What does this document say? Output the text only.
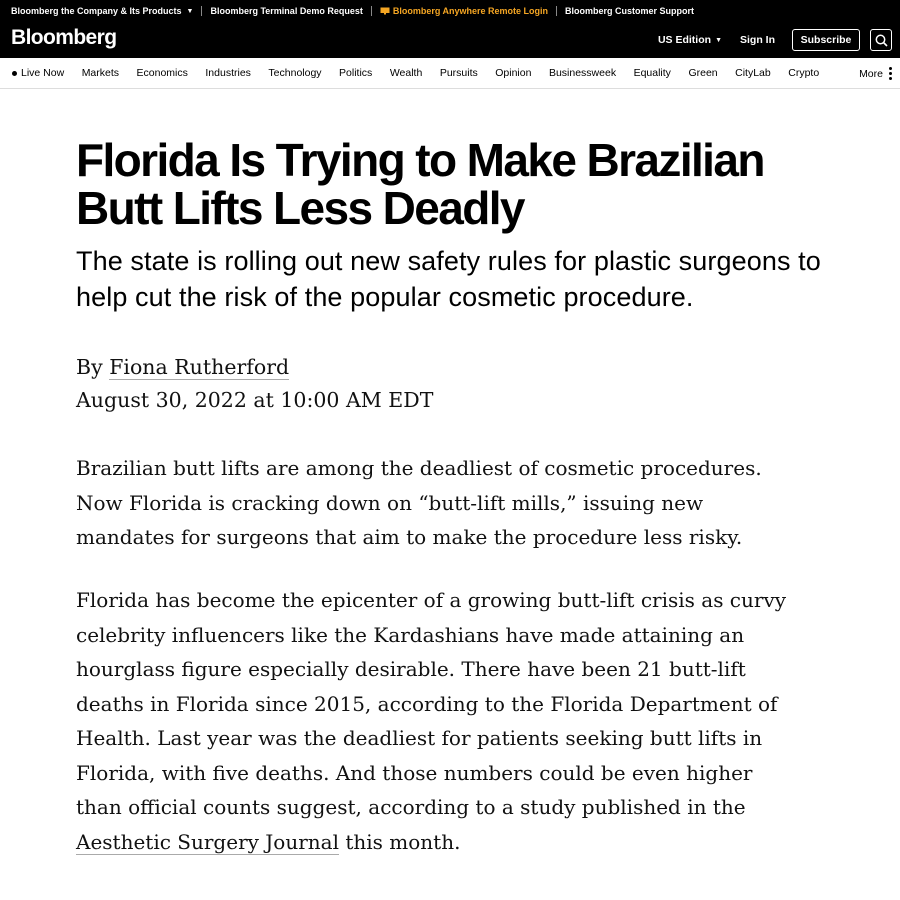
Bloomberg the Company & Its Products ▼ Bloomberg Terminal Demo Request	Bloomberg Anywhere Remote Login Bloomberg Customer Support
Bloomberg	US Edition ▼ Sign In	Subscribe
Live Now Markets Economics Industries Technology Politics Wealth Pursuits Opinion Businessweek Equality Green CityLab Crypto	More
Florida Is Trying to Make Brazilian Butt Lifts Less Deadly

The state is rolling out new safety rules for plastic surgeons to help cut the risk of the popular cosmetic procedure.

By Fiona Rutherford
August 30, 2022 at 10:00 AM EDT

Brazilian butt lifts are among the deadliest of cosmetic procedures. Now Florida is cracking down on “butt-lift mills,” issuing new mandates for surgeons that aim to make the procedure less risky.

Florida has become the epicenter of a growing butt-lift crisis as curvy celebrity influencers like the Kardashians have made attaining an hourglass figure especially desirable. There have been 21 butt-lift deaths in Florida since 2015, according to the Florida Department of Health. Last year was the deadliest for patients seeking butt lifts in Florida, with five deaths. And those numbers could be even higher than official counts suggest, according to a study published in the Aesthetic Surgery Journal this month.
